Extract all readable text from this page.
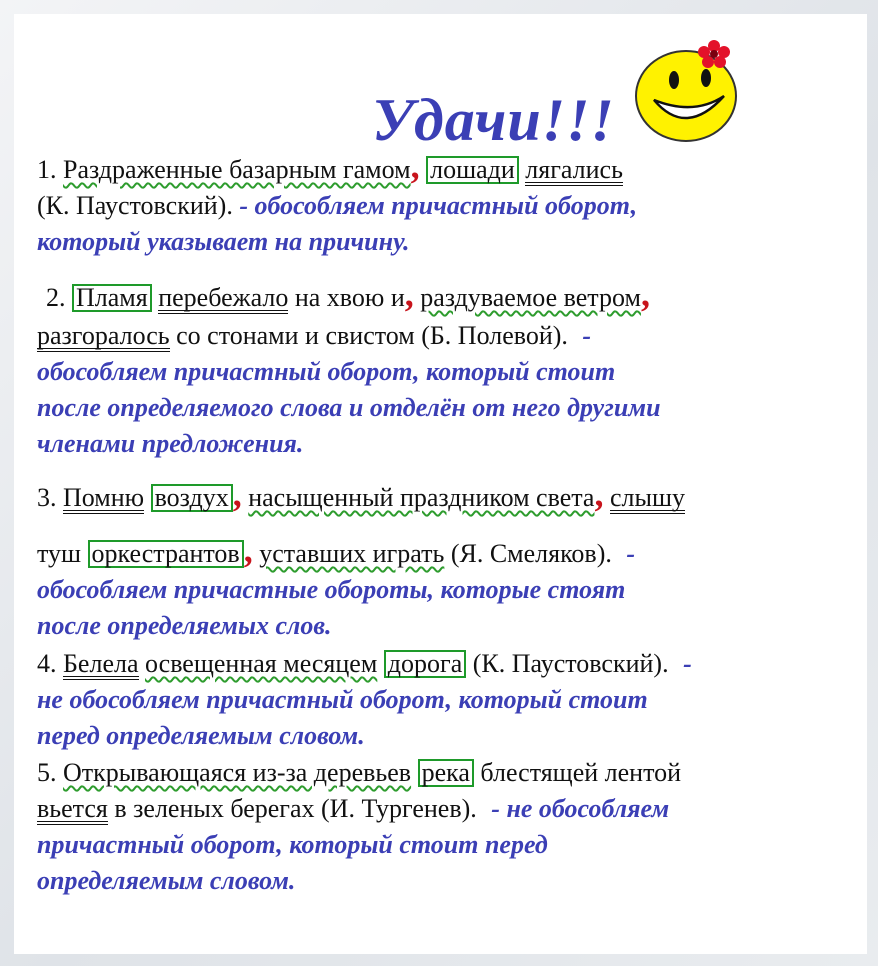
Удачи!!!
1. Раздраженные базарным гамом, лошади лягались
(К. Паустовский). - обособляем причастный оборот,
который указывает на причину.
2. Пламя перебежало на хвою и, раздуваемое ветром,
разгоралось со стонами и свистом (Б. Полевой). -
обособляем причастный оборот, который стоит
после определяемого слова и отделён от него другими
членами предложения.
3. Помню воздух , насыщенный праздником света, слышу
туш оркестрантов , уставших играть (Я. Смеляков). -
обособляем причастные обороты, которые стоят
после определяемых слов.
4. Белела освещенная месяцем дорога (К. Паустовский). -
не обособляем причастный оборот, который стоит
перед определяемым словом.
5. Открывающаяся из-за деревьев река блестящей лентой
вьется в зеленых берегах (И. Тургенев). - не обособляем
причастный оборот, который стоит перед
определяемым словом.
